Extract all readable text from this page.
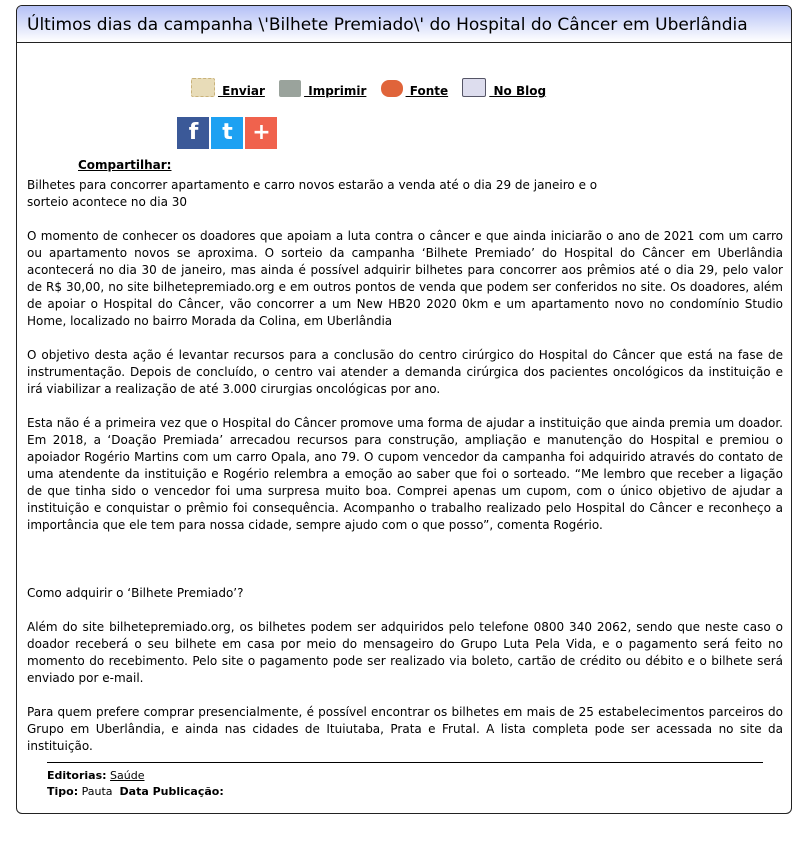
Últimos dias da campanha \'Bilhete Premiado\' do Hospital do Câncer em Uberlândia
Enviar	Imprimir	Fonte	No Blog
Compartilhar:f t +

Bilhetes para concorrer apartamento e carro novos estarão a venda até o dia 29 de janeiro e o
sorteio acontece no dia 30

O momento de conhecer os doadores que apoiam a luta contra o câncer e que ainda iniciarão o ano de 2021 com um carro ou apartamento novos se aproxima. O sorteio da campanha ‘Bilhete Premiado’ do Hospital do Câncer em Uberlândia acontecerá no dia 30 de janeiro, mas ainda é possível adquirir bilhetes para concorrer aos prêmios até o dia 29, pelo valor de R$ 30,00, no site bilhetepremiado.org e em outros pontos de venda que podem ser conferidos no site. Os doadores, além de apoiar o Hospital do Câncer, vão concorrer a um New HB20 2020 0km e um apartamento novo no condomínio Studio Home, localizado no bairro Morada da Colina, em Uberlândia

O objetivo desta ação é levantar recursos para a conclusão do centro cirúrgico do Hospital do Câncer que está na fase de instrumentação. Depois de concluído, o centro vai atender a demanda cirúrgica dos pacientes oncológicos da instituição e irá viabilizar a realização de até 3.000 cirurgias oncológicas por ano.

Esta não é a primeira vez que o Hospital do Câncer promove uma forma de ajudar a instituição que ainda premia um doador. Em 2018, a ‘Doação Premiada’ arrecadou recursos para construção, ampliação e manutenção do Hospital e premiou o apoiador Rogério Martins com um carro Opala, ano 79. O cupom vencedor da campanha foi adquirido através do contato de uma atendente da instituição e Rogério relembra a emoção ao saber que foi o sorteado. “Me lembro que receber a ligação de que tinha sido o vencedor foi uma surpresa muito boa. Comprei apenas um cupom, com o único objetivo de ajudar a instituição e conquistar o prêmio foi consequência. Acompanho o trabalho realizado pelo Hospital do Câncer e reconheço a importância que ele tem para nossa cidade, sempre ajudo com o que posso”, comenta Rogério.

Como adquirir o ‘Bilhete Premiado’?

Além do site bilhetepremiado.org, os bilhetes podem ser adquiridos pelo telefone 0800 340 2062, sendo que neste caso o doador receberá o seu bilhete em casa por meio do mensageiro do Grupo Luta Pela Vida, e o pagamento será feito no momento do recebimento. Pelo site o pagamento pode ser realizado via boleto, cartão de crédito ou débito e o bilhete será enviado por e-mail.

Para quem prefere comprar presencialmente, é possível encontrar os bilhetes em mais de 25 estabelecimentos parceiros do Grupo em Uberlândia, e ainda nas cidades de Ituiutaba, Prata e Frutal. A lista completa pode ser acessada no site da instituição.

Editorias: Saúde
Tipo: Pauta Data Publicação:
